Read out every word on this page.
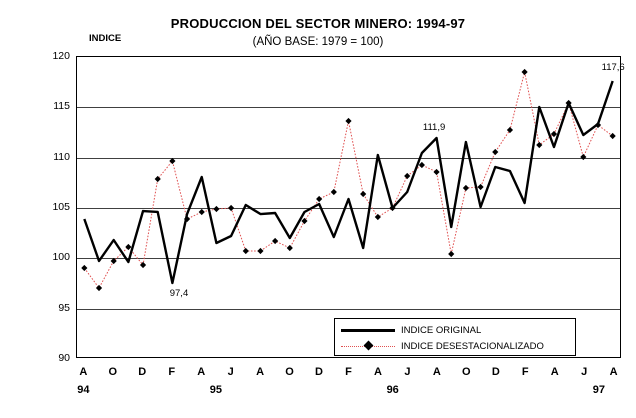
PRODUCCION DEL SECTOR MINERO: 1994-97
(AÑO BASE: 1979 = 100)
INDICE
90
95
100
105
110
115
120
A O D F A J A O D F A J A O D F A J A
94	95	96	97
97,4
111,9
117,6
INDICE ORIGINAL
INDICE DESESTACIONALIZADO
